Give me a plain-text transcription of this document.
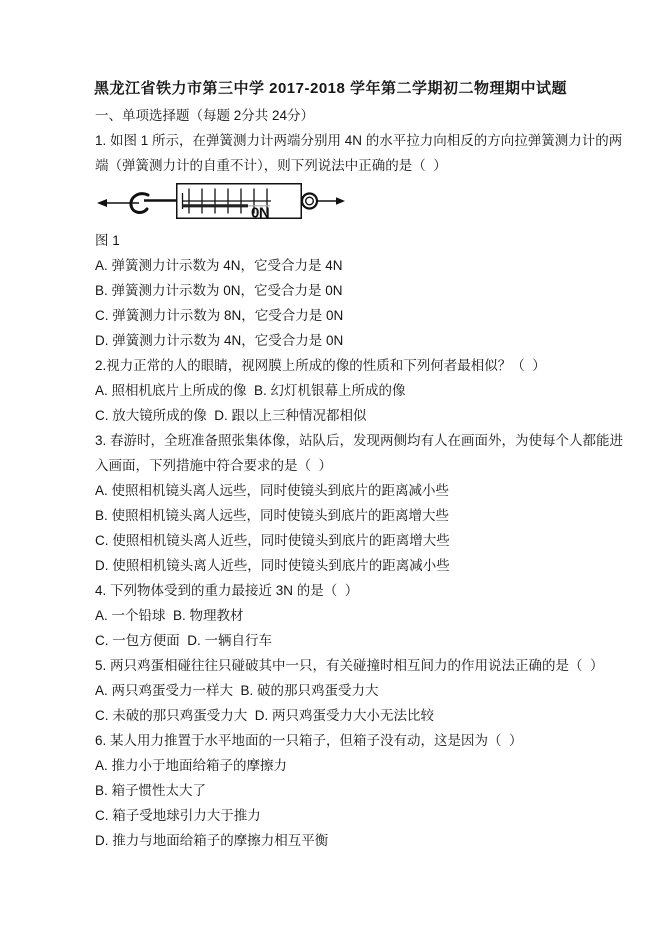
黑龙江省铁力市第三中学 2017-2018 学年第二学期初二物理期中试题
一、单项选择题（每题 2分共 24分）
1. 如图 1 所示，在弹簧测力计两端分别用 4N 的水平拉力向相反的方向拉弹簧测力计的两
端（弹簧测力计的自重不计），则下列说法中正确的是（  ）
0N
图 1
A. 弹簧测力计示数为 4N，它受合力是 4N
B. 弹簧测力计示数为 0N，它受合力是 0N
C. 弹簧测力计示数为 8N，它受合力是 0N
D. 弹簧测力计示数为 4N，它受合力是 0N
2.视力正常的人的眼睛，视网膜上所成的像的性质和下列何者最相似？（  ）
A. 照相机底片上所成的像  B. 幻灯机银幕上所成的像
C. 放大镜所成的像  D. 跟以上三种情况都相似
3. 春游时，全班准备照张集体像，站队后，发现两侧均有人在画面外，为使每个人都能进
入画面，下列措施中符合要求的是（  ）
A. 使照相机镜头离人远些，同时使镜头到底片的距离减小些
B. 使照相机镜头离人远些，同时使镜头到底片的距离增大些
C. 使照相机镜头离人近些，同时使镜头到底片的距离增大些
D. 使照相机镜头离人近些，同时使镜头到底片的距离减小些
4. 下列物体受到的重力最接近 3N 的是（  ）
A. 一个铅球  B. 物理教材
C. 一包方便面  D. 一辆自行车
5. 两只鸡蛋相碰往往只碰破其中一只，有关碰撞时相互间力的作用说法正确的是（  ）
A. 两只鸡蛋受力一样大  B. 破的那只鸡蛋受力大
C. 未破的那只鸡蛋受力大  D. 两只鸡蛋受力大小无法比较
6. 某人用力推置于水平地面的一只箱子，但箱子没有动，这是因为（  ）
A. 推力小于地面给箱子的摩擦力
B. 箱子惯性太大了
C. 箱子受地球引力大于推力
D. 推力与地面给箱子的摩擦力相互平衡
